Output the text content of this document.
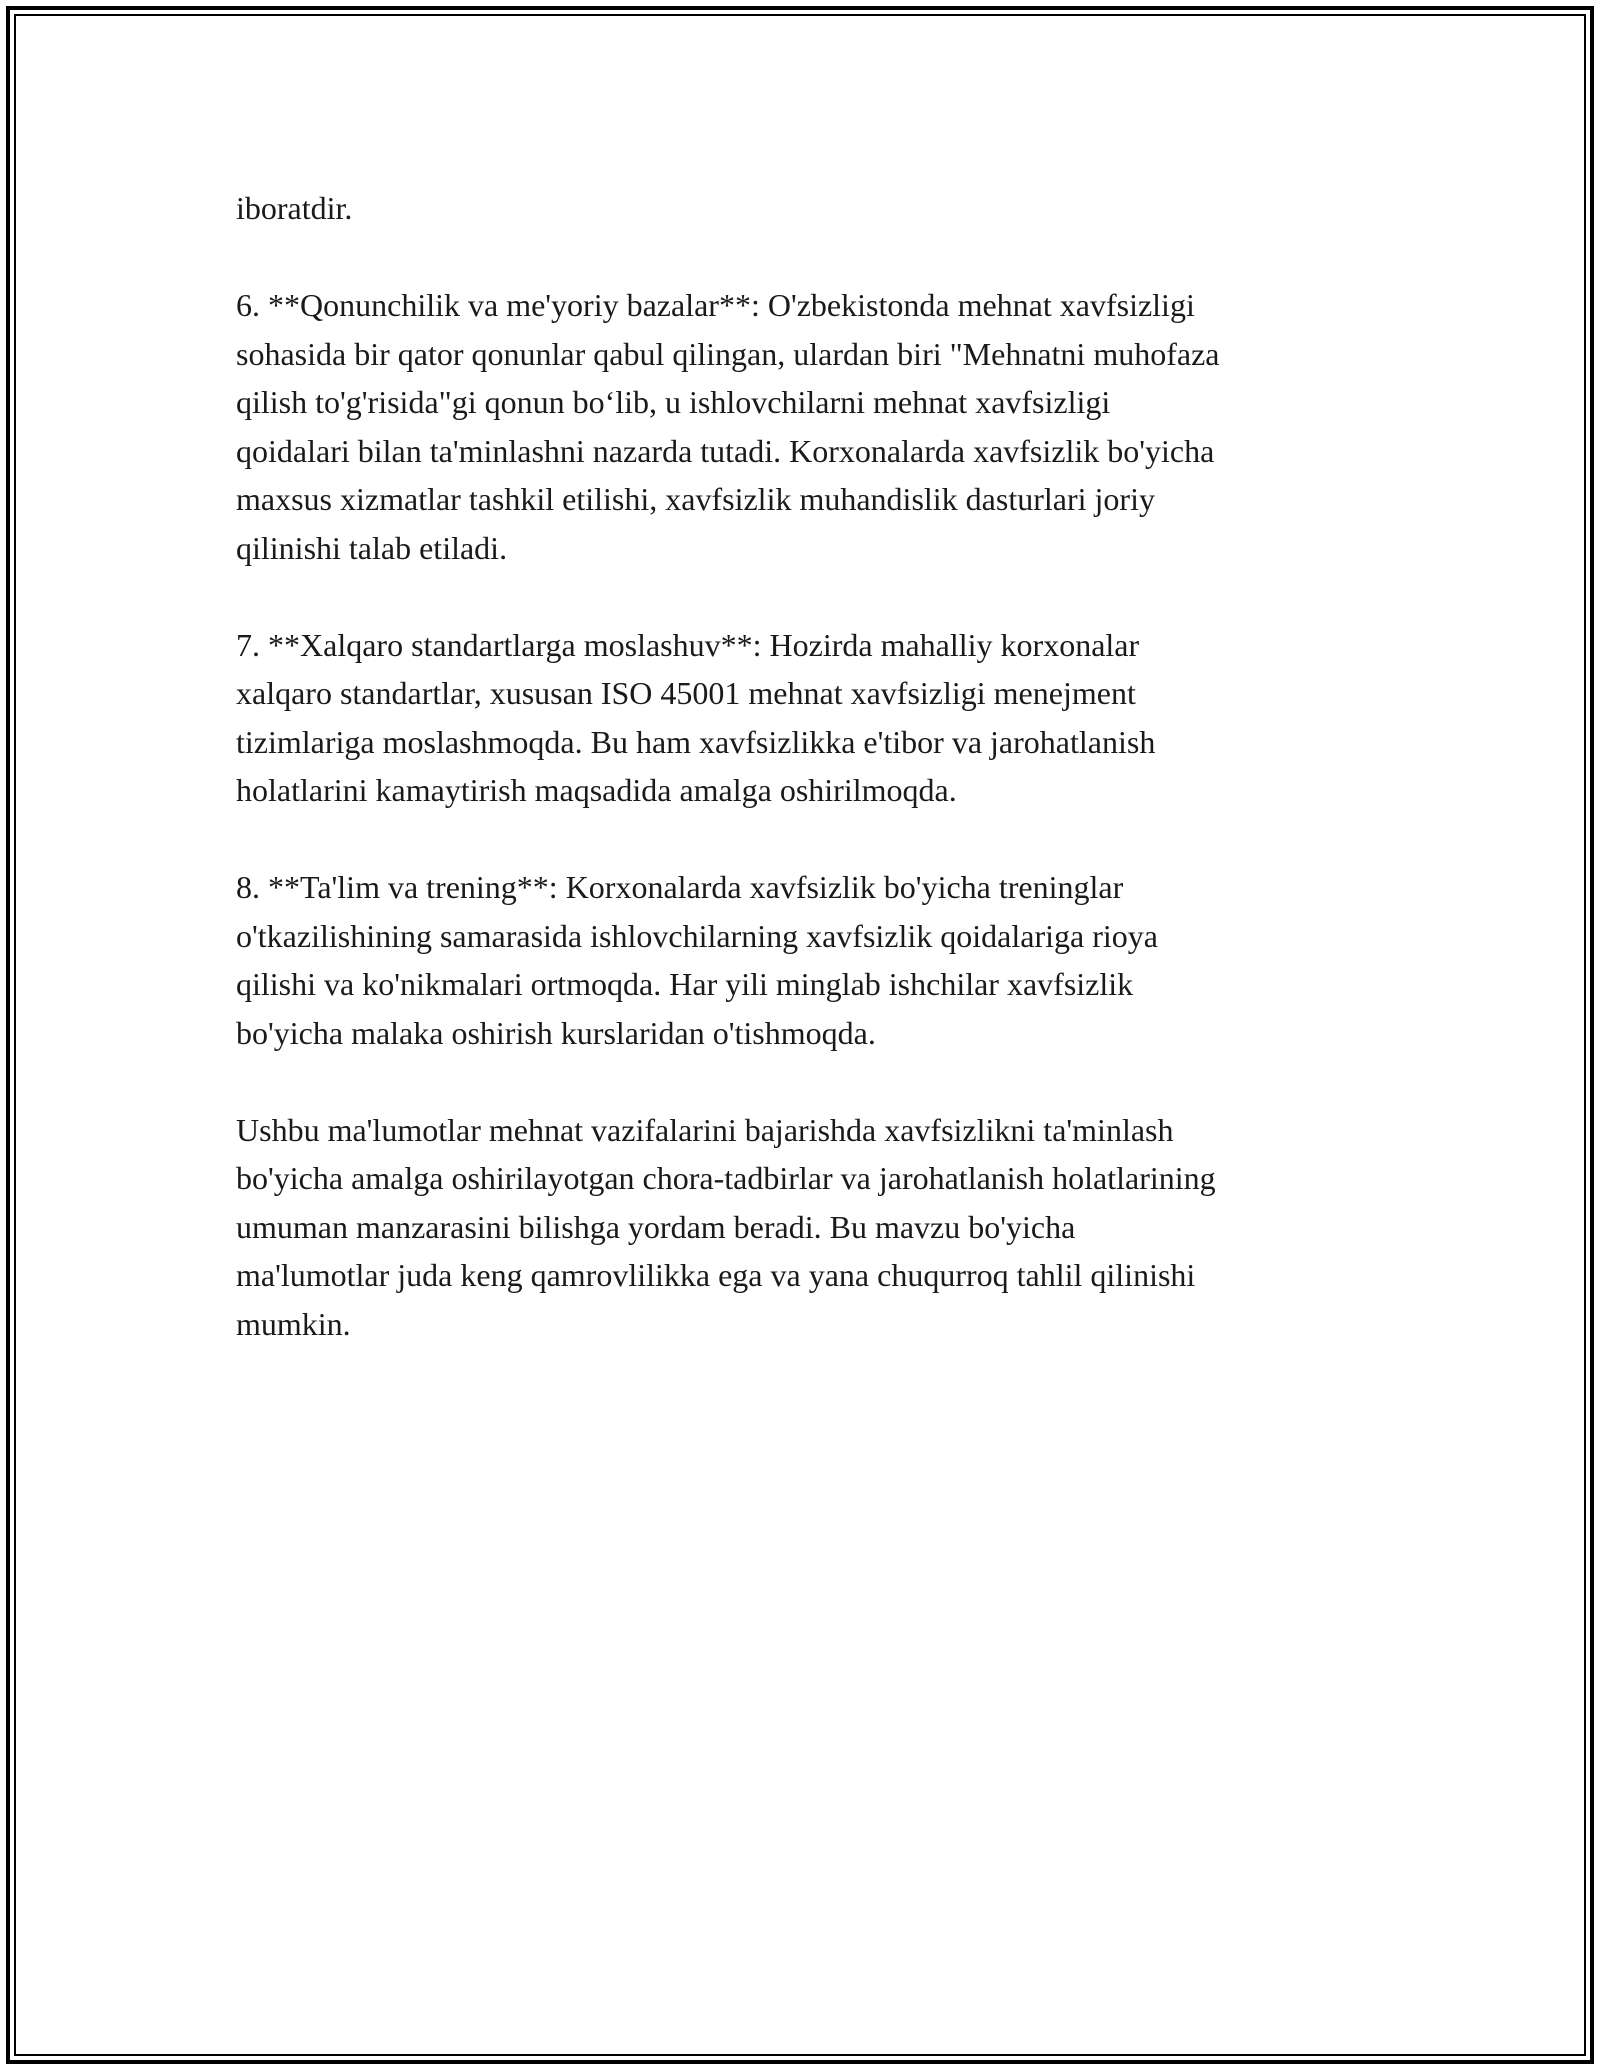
iboratdir.

6. **Qonunchilik va me'yoriy bazalar**: O'zbekistonda mehnat xavfsizligi
sohasida bir qator qonunlar qabul qilingan, ulardan biri "Mehnatni muhofaza
qilish to'g'risida"gi qonun bo‘lib, u ishlovchilarni mehnat xavfsizligi
qoidalari bilan ta'minlashni nazarda tutadi. Korxonalarda xavfsizlik bo'yicha
maxsus xizmatlar tashkil etilishi, xavfsizlik muhandislik dasturlari joriy
qilinishi talab etiladi.

7. **Xalqaro standartlarga moslashuv**: Hozirda mahalliy korxonalar
xalqaro standartlar, xususan ISO 45001 mehnat xavfsizligi menejment
tizimlariga moslashmoqda. Bu ham xavfsizlikka e'tibor va jarohatlanish
holatlarini kamaytirish maqsadida amalga oshirilmoqda.

8. **Ta'lim va trening**: Korxonalarda xavfsizlik bo'yicha treninglar
o'tkazilishining samarasida ishlovchilarning xavfsizlik qoidalariga rioya
qilishi va ko'nikmalari ortmoqda. Har yili minglab ishchilar xavfsizlik
bo'yicha malaka oshirish kurslaridan o'tishmoqda.

Ushbu ma'lumotlar mehnat vazifalarini bajarishda xavfsizlikni ta'minlash
bo'yicha amalga oshirilayotgan chora-tadbirlar va jarohatlanish holatlarining
umuman manzarasini bilishga yordam beradi. Bu mavzu bo'yicha
ma'lumotlar juda keng qamrovlilikka ega va yana chuqurroq tahlil qilinishi
mumkin.
